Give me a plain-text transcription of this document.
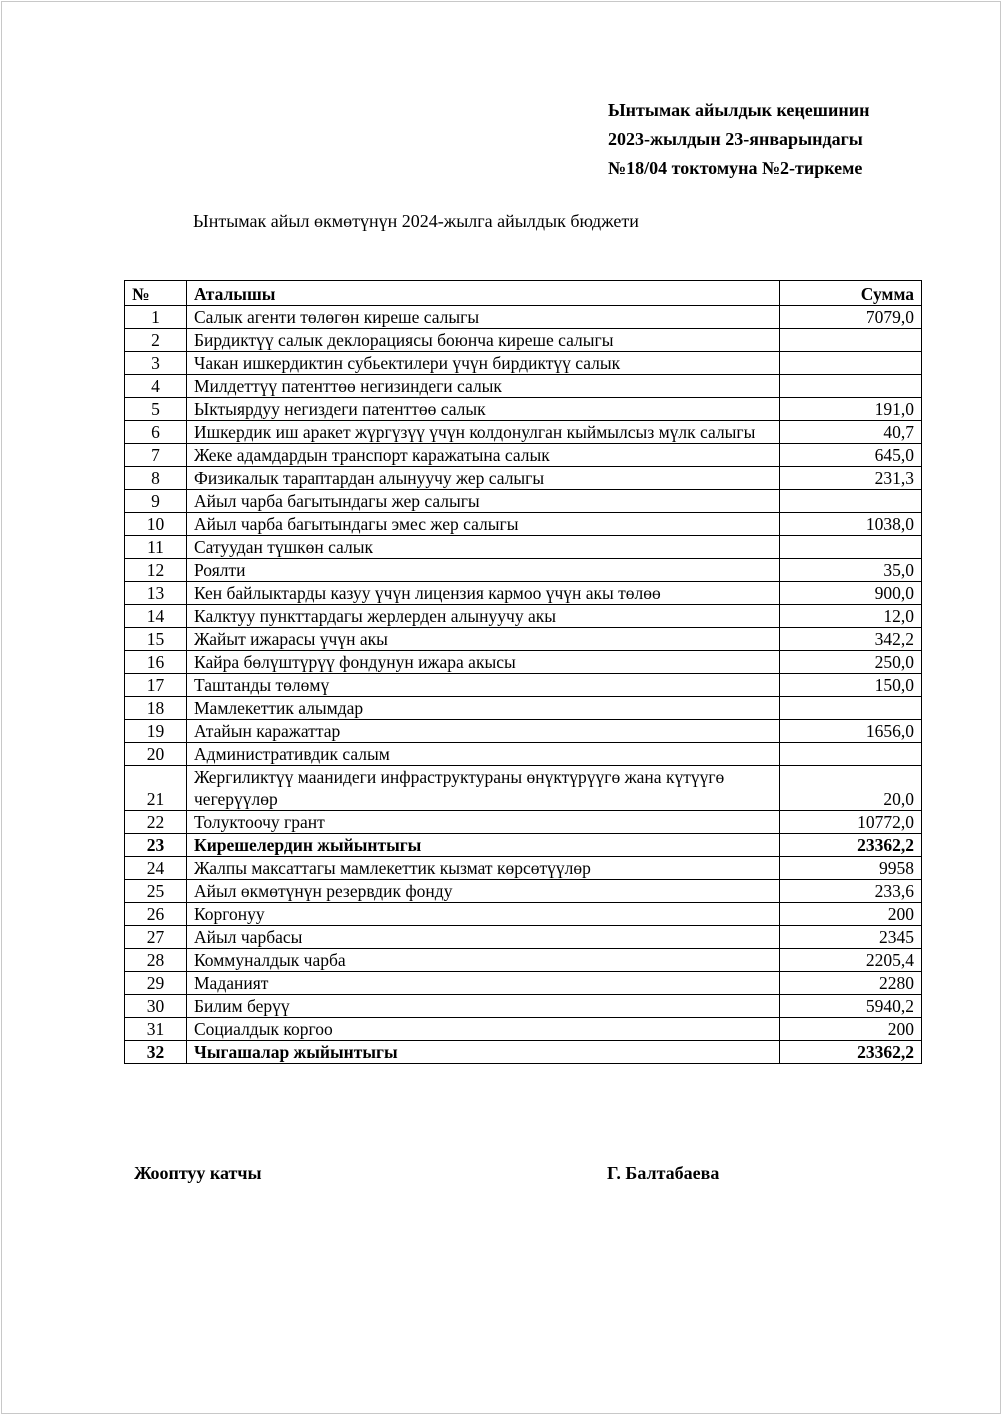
Ынтымак айылдык кеңешинин
2023-жылдын 23-январындагы
№18/04 токтомуна №2-тиркеме
Ынтымак айыл өкмөтүнүн 2024-жылга айылдык бюджети
№	Аталышы	Сумма
1	Салык агенти төлөгөн киреше салыгы	7079,0
2	Бирдиктүү салык деклорациясы боюнча киреше салыгы	
3	Чакан ишкердиктин субьектилери үчүн бирдиктүү салык	
4	Милдеттүү патенттөө негизиндеги салык	
5	Ыктыярдуу негиздеги патенттөө салык	191,0
6	Ишкердик иш аракет жүргүзүү үчүн колдонулган кыймылсыз мүлк салыгы	40,7
7	Жеке адамдардын транспорт каражатына салык	645,0
8	Физикалык тараптардан алынуучу жер салыгы	231,3
9	Айыл чарба багытындагы жер салыгы	
10	Айыл чарба багытындагы эмес жер салыгы	1038,0
11	Сатуудан түшкөн салык	
12	Роялти	35,0
13	Кен байлыктарды казуу үчүн лицензия кармоо үчүн акы төлөө	900,0
14	Калктуу пункттардагы жерлерден алынуучу акы	12,0
15	Жайыт ижарасы үчүн акы	342,2
16	Кайра бөлүштүрүү фондунун ижара акысы	250,0
17	Таштанды төлөмү	150,0
18	Мамлекеттик алымдар	
19	Атайын каражаттар	1656,0
20	Административдик салым	
21	Жергиликтүү маанидеги инфраструктураны өнүктүрүүгө жана күтүүгө чегерүүлөр	20,0
22	Толуктоочу грант	10772,0
23	Кирешелердин жыйынтыгы	23362,2
24	Жалпы максаттагы мамлекеттик кызмат көрсөтүүлөр	9958
25	Айыл өкмөтүнүн резервдик фонду	233,6
26	Коргонуу	200
27	Айыл чарбасы	2345
28	Коммуналдык чарба	2205,4
29	Маданият	2280
30	Билим берүү	5940,2
31	Социалдык коргоо	200
32	Чыгашалар жыйынтыгы	23362,2
Жооптуу катчы	Г. Балтабаева
